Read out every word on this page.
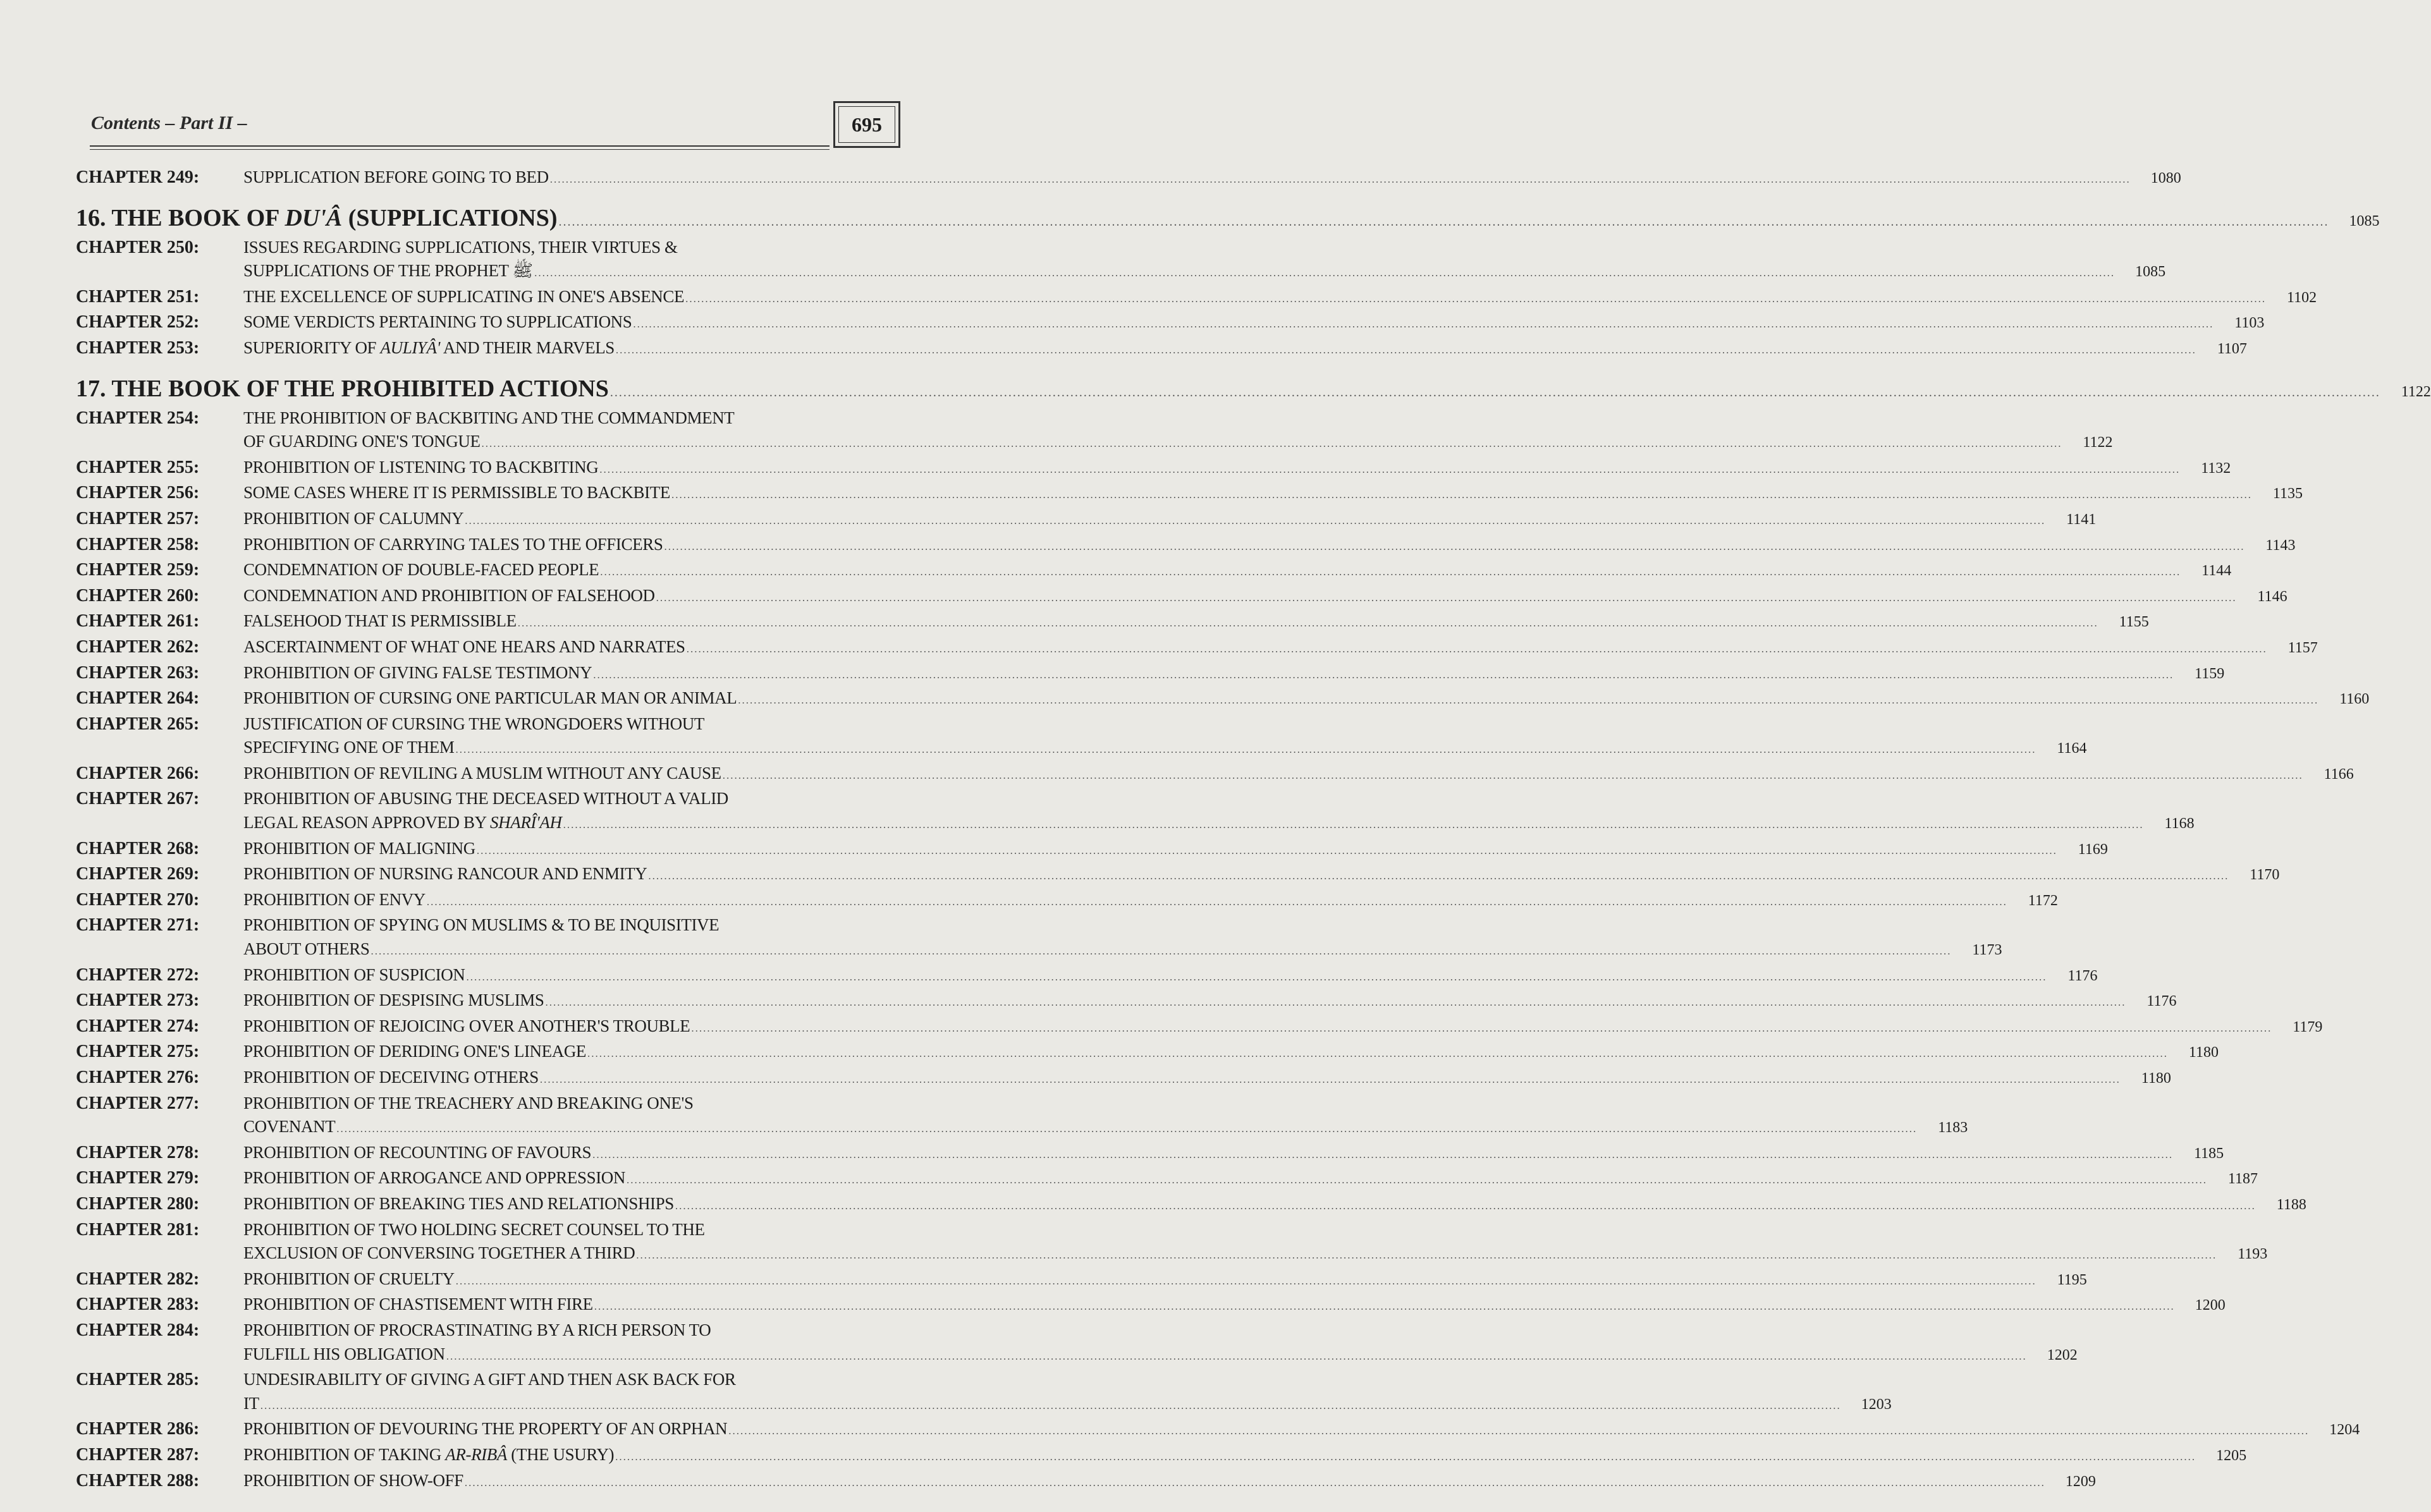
Contents – Part II –	695
CHAPTER 249:	SUPPLICATION BEFORE GOING TO BED ................................................................................................................................................................................................................................................................................................................................................................................................................	1080
16. THE BOOK OF DU'Â (SUPPLICATIONS) ................................................................................................................................................................................................................................................................................................................................................................................................................	1085
CHAPTER 250:	ISSUES REGARDING SUPPLICATIONS, THEIR VIRTUES &
SUPPLICATIONS OF THE PROPHET ﷺ ................................................................................................................................................................................................................................................................................................................................................................................................................	1085
CHAPTER 251:	THE EXCELLENCE OF SUPPLICATING IN ONE'S ABSENCE ................................................................................................................................................................................................................................................................................................................................................................................................................	1102
CHAPTER 252:	SOME VERDICTS PERTAINING TO SUPPLICATIONS ................................................................................................................................................................................................................................................................................................................................................................................................................	1103
CHAPTER 253:	SUPERIORITY OF AULIYÂ' AND THEIR MARVELS ................................................................................................................................................................................................................................................................................................................................................................................................................	1107
17. THE BOOK OF THE PROHIBITED ACTIONS ................................................................................................................................................................................................................................................................................................................................................................................................................	1122
CHAPTER 254:	THE PROHIBITION OF BACKBITING AND THE COMMANDMENT
OF GUARDING ONE'S TONGUE ................................................................................................................................................................................................................................................................................................................................................................................................................	1122
CHAPTER 255:	PROHIBITION OF LISTENING TO BACKBITING ................................................................................................................................................................................................................................................................................................................................................................................................................	1132
CHAPTER 256:	SOME CASES WHERE IT IS PERMISSIBLE TO BACKBITE ................................................................................................................................................................................................................................................................................................................................................................................................................	1135
CHAPTER 257:	PROHIBITION OF CALUMNY ................................................................................................................................................................................................................................................................................................................................................................................................................	1141
CHAPTER 258:	PROHIBITION OF CARRYING TALES TO THE OFFICERS ................................................................................................................................................................................................................................................................................................................................................................................................................	1143
CHAPTER 259:	CONDEMNATION OF DOUBLE-FACED PEOPLE ................................................................................................................................................................................................................................................................................................................................................................................................................	1144
CHAPTER 260:	CONDEMNATION AND PROHIBITION OF FALSEHOOD ................................................................................................................................................................................................................................................................................................................................................................................................................	1146
CHAPTER 261:	FALSEHOOD THAT IS PERMISSIBLE ................................................................................................................................................................................................................................................................................................................................................................................................................	1155
CHAPTER 262:	ASCERTAINMENT OF WHAT ONE HEARS AND NARRATES ................................................................................................................................................................................................................................................................................................................................................................................................................	1157
CHAPTER 263:	PROHIBITION OF GIVING FALSE TESTIMONY ................................................................................................................................................................................................................................................................................................................................................................................................................	1159
CHAPTER 264:	PROHIBITION OF CURSING ONE PARTICULAR MAN OR ANIMAL ................................................................................................................................................................................................................................................................................................................................................................................................................	1160
CHAPTER 265:	JUSTIFICATION OF CURSING THE WRONGDOERS WITHOUT
SPECIFYING ONE OF THEM ................................................................................................................................................................................................................................................................................................................................................................................................................	1164
CHAPTER 266:	PROHIBITION OF REVILING A MUSLIM WITHOUT ANY CAUSE ................................................................................................................................................................................................................................................................................................................................................................................................................	1166
CHAPTER 267:	PROHIBITION OF ABUSING THE DECEASED WITHOUT A VALID
LEGAL REASON APPROVED BY SHARÎ'AH ................................................................................................................................................................................................................................................................................................................................................................................................................	1168
CHAPTER 268:	PROHIBITION OF MALIGNING ................................................................................................................................................................................................................................................................................................................................................................................................................	1169
CHAPTER 269:	PROHIBITION OF NURSING RANCOUR AND ENMITY ................................................................................................................................................................................................................................................................................................................................................................................................................	1170
CHAPTER 270:	PROHIBITION OF ENVY ................................................................................................................................................................................................................................................................................................................................................................................................................	1172
CHAPTER 271:	PROHIBITION OF SPYING ON MUSLIMS & TO BE INQUISITIVE
ABOUT OTHERS ................................................................................................................................................................................................................................................................................................................................................................................................................	1173
CHAPTER 272:	PROHIBITION OF SUSPICION ................................................................................................................................................................................................................................................................................................................................................................................................................	1176
CHAPTER 273:	PROHIBITION OF DESPISING MUSLIMS ................................................................................................................................................................................................................................................................................................................................................................................................................	1176
CHAPTER 274:	PROHIBITION OF REJOICING OVER ANOTHER'S TROUBLE ................................................................................................................................................................................................................................................................................................................................................................................................................	1179
CHAPTER 275:	PROHIBITION OF DERIDING ONE'S LINEAGE ................................................................................................................................................................................................................................................................................................................................................................................................................	1180
CHAPTER 276:	PROHIBITION OF DECEIVING OTHERS ................................................................................................................................................................................................................................................................................................................................................................................................................	1180
CHAPTER 277:	PROHIBITION OF THE TREACHERY AND BREAKING ONE'S
COVENANT ................................................................................................................................................................................................................................................................................................................................................................................................................	1183
CHAPTER 278:	PROHIBITION OF RECOUNTING OF FAVOURS ................................................................................................................................................................................................................................................................................................................................................................................................................	1185
CHAPTER 279:	PROHIBITION OF ARROGANCE AND OPPRESSION ................................................................................................................................................................................................................................................................................................................................................................................................................	1187
CHAPTER 280:	PROHIBITION OF BREAKING TIES AND RELATIONSHIPS ................................................................................................................................................................................................................................................................................................................................................................................................................	1188
CHAPTER 281:	PROHIBITION OF TWO HOLDING SECRET COUNSEL TO THE
EXCLUSION OF CONVERSING TOGETHER A THIRD ................................................................................................................................................................................................................................................................................................................................................................................................................	1193
CHAPTER 282:	PROHIBITION OF CRUELTY ................................................................................................................................................................................................................................................................................................................................................................................................................	1195
CHAPTER 283:	PROHIBITION OF CHASTISEMENT WITH FIRE ................................................................................................................................................................................................................................................................................................................................................................................................................	1200
CHAPTER 284:	PROHIBITION OF PROCRASTINATING BY A RICH PERSON TO
FULFILL HIS OBLIGATION ................................................................................................................................................................................................................................................................................................................................................................................................................	1202
CHAPTER 285:	UNDESIRABILITY OF GIVING A GIFT AND THEN ASK BACK FOR
IT ................................................................................................................................................................................................................................................................................................................................................................................................................	1203
CHAPTER 286:	PROHIBITION OF DEVOURING THE PROPERTY OF AN ORPHAN ................................................................................................................................................................................................................................................................................................................................................................................................................	1204
CHAPTER 287:	PROHIBITION OF TAKING AR-RIBÂ (THE USURY) ................................................................................................................................................................................................................................................................................................................................................................................................................	1205
CHAPTER 288:	PROHIBITION OF SHOW-OFF ................................................................................................................................................................................................................................................................................................................................................................................................................	1209
